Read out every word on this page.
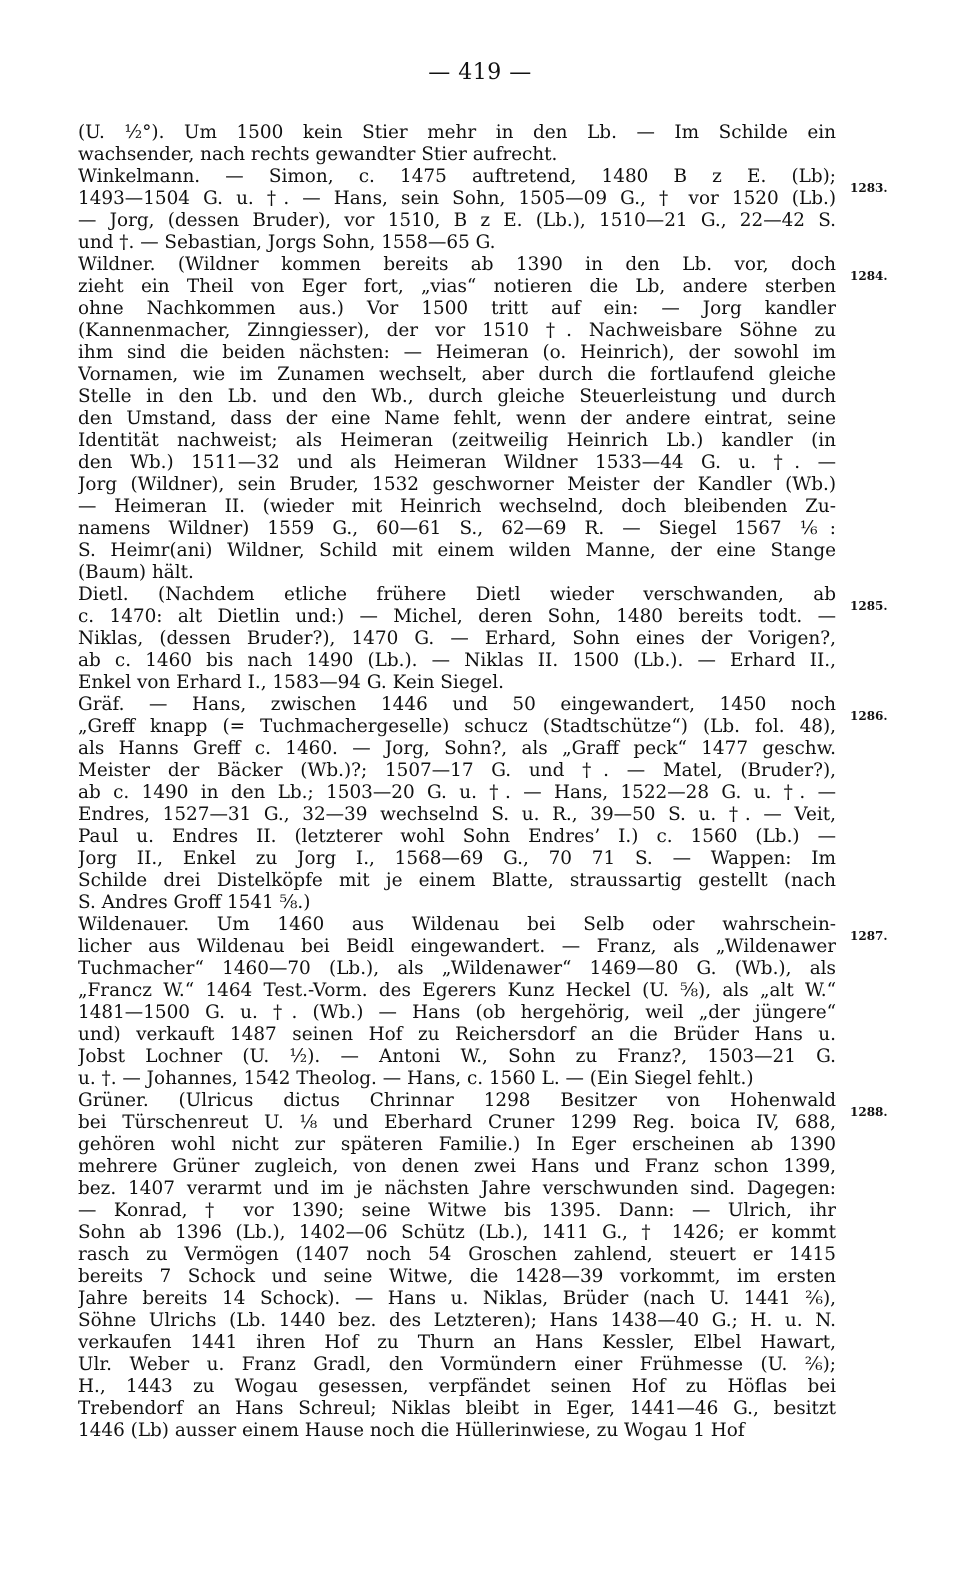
— 419 —
(U. ½°). Um 1500 kein Stier mehr in den Lb. — Im Schilde ein
wachsender, nach rechts gewandter Stier aufrecht.
Winkelmann. — Simon, c. 1475 auftretend, 1480 B z E. (Lb);
1493—1504 G. u. †. — Hans, sein Sohn, 1505—09 G., † vor 1520 (Lb.)
— Jorg, (dessen Bruder), vor 1510, B z E. (Lb.), 1510—21 G., 22—42 S.
und †. — Sebastian, Jorgs Sohn, 1558—65 G.
Wildner. (Wildner kommen bereits ab 1390 in den Lb. vor, doch
zieht ein Theil von Eger fort, „vias“ notieren die Lb, andere sterben
ohne Nachkommen aus.) Vor 1500 tritt auf ein: — Jorg kandler
(Kannenmacher, Zinngiesser), der vor 1510 †. Nachweisbare Söhne zu
ihm sind die beiden nächsten: — Heimeran (o. Heinrich), der sowohl im
Vornamen, wie im Zunamen wechselt, aber durch die fortlaufend gleiche
Stelle in den Lb. und den Wb., durch gleiche Steuerleistung und durch
den Umstand, dass der eine Name fehlt, wenn der andere eintrat, seine
Identität nachweist; als Heimeran (zeitweilig Heinrich Lb.) kandler (in
den Wb.) 1511—32 und als Heimeran Wildner 1533—44 G. u. †. —
Jorg (Wildner), sein Bruder, 1532 geschworner Meister der Kandler (Wb.)
— Heimeran II. (wieder mit Heinrich wechselnd, doch bleibenden Zu-
namens Wildner) 1559 G., 60—61 S., 62—69 R. — Siegel 1567 ⅙:
S. Heimr(ani) Wildner, Schild mit einem wilden Manne, der eine Stange
(Baum) hält.
Dietl. (Nachdem etliche frühere Dietl wieder verschwanden, ab
c. 1470: alt Dietlin und:) — Michel, deren Sohn, 1480 bereits todt. —
Niklas, (dessen Bruder?), 1470 G. — Erhard, Sohn eines der Vorigen?,
ab c. 1460 bis nach 1490 (Lb.). — Niklas II. 1500 (Lb.). — Erhard II.,
Enkel von Erhard I., 1583—94 G. Kein Siegel.
Gräf. — Hans, zwischen 1446 und 50 eingewandert, 1450 noch
„Greff knapp (= Tuchmachergeselle) schucz (Stadtschütze“) (Lb. fol. 48),
als Hanns Greff c. 1460. — Jorg, Sohn?, als „Graff peck“ 1477 geschw.
Meister der Bäcker (Wb.)?; 1507—17 G. und †. — Matel, (Bruder?),
ab c. 1490 in den Lb.; 1503—20 G. u. †. — Hans, 1522—28 G. u. †. —
Endres, 1527—31 G., 32—39 wechselnd S. u. R., 39—50 S. u. †. — Veit,
Paul u. Endres II. (letzterer wohl Sohn Endres’ I.) c. 1560 (Lb.) —
Jorg II., Enkel zu Jorg I., 1568—69 G., 70 71 S. — Wappen: Im
Schilde drei Distelköpfe mit je einem Blatte, straussartig gestellt (nach
S. Andres Groff 1541 ⅝.)
Wildenauer. Um 1460 aus Wildenau bei Selb oder wahrschein-
licher aus Wildenau bei Beidl eingewandert. — Franz, als „Wildenawer
Tuchmacher“ 1460—70 (Lb.), als „Wildenawer“ 1469—80 G. (Wb.), als
„Francz W.“ 1464 Test.-Vorm. des Egerers Kunz Heckel (U. ⅝), als „alt W.“
1481—1500 G. u. †. (Wb.) — Hans (ob hergehörig, weil „der jüngere“
und) verkauft 1487 seinen Hof zu Reichersdorf an die Brüder Hans u.
Jobst Lochner (U. ½). — Antoni W., Sohn zu Franz?, 1503—21 G.
u. †. — Johannes, 1542 Theolog. — Hans, c. 1560 L. — (Ein Siegel fehlt.)
Grüner. (Ulricus dictus Chrinnar 1298 Besitzer von Hohenwald
bei Türschenreut U. ⅟₈ und Eberhard Cruner 1299 Reg. boica IV, 688,
gehören wohl nicht zur späteren Familie.) In Eger erscheinen ab 1390
mehrere Grüner zugleich, von denen zwei Hans und Franz schon 1399,
bez. 1407 verarmt und im je nächsten Jahre verschwunden sind. Dagegen:
— Konrad, † vor 1390; seine Witwe bis 1395. Dann: — Ulrich, ihr
Sohn ab 1396 (Lb.), 1402—06 Schütz (Lb.), 1411 G., † 1426; er kommt
rasch zu Vermögen (1407 noch 54 Groschen zahlend, steuert er 1415
bereits 7 Schock und seine Witwe, die 1428—39 vorkommt, im ersten
Jahre bereits 14 Schock). — Hans u. Niklas, Brüder (nach U. 1441 ²⁄₆),
Söhne Ulrichs (Lb. 1440 bez. des Letzteren); Hans 1438—40 G.; H. u. N.
verkaufen 1441 ihren Hof zu Thurn an Hans Kessler, Elbel Hawart,
Ulr. Weber u. Franz Gradl, den Vormündern einer Frühmesse (U. ²⁄₆);
H., 1443 zu Wogau gesessen, verpfändet seinen Hof zu Höflas bei
Trebendorf an Hans Schreul; Niklas bleibt in Eger, 1441—46 G., besitzt
1446 (Lb) ausser einem Hause noch die Hüllerinwiese, zu Wogau 1 Hof
1283.
1284.
1285.
1286.
1287.
1288.
